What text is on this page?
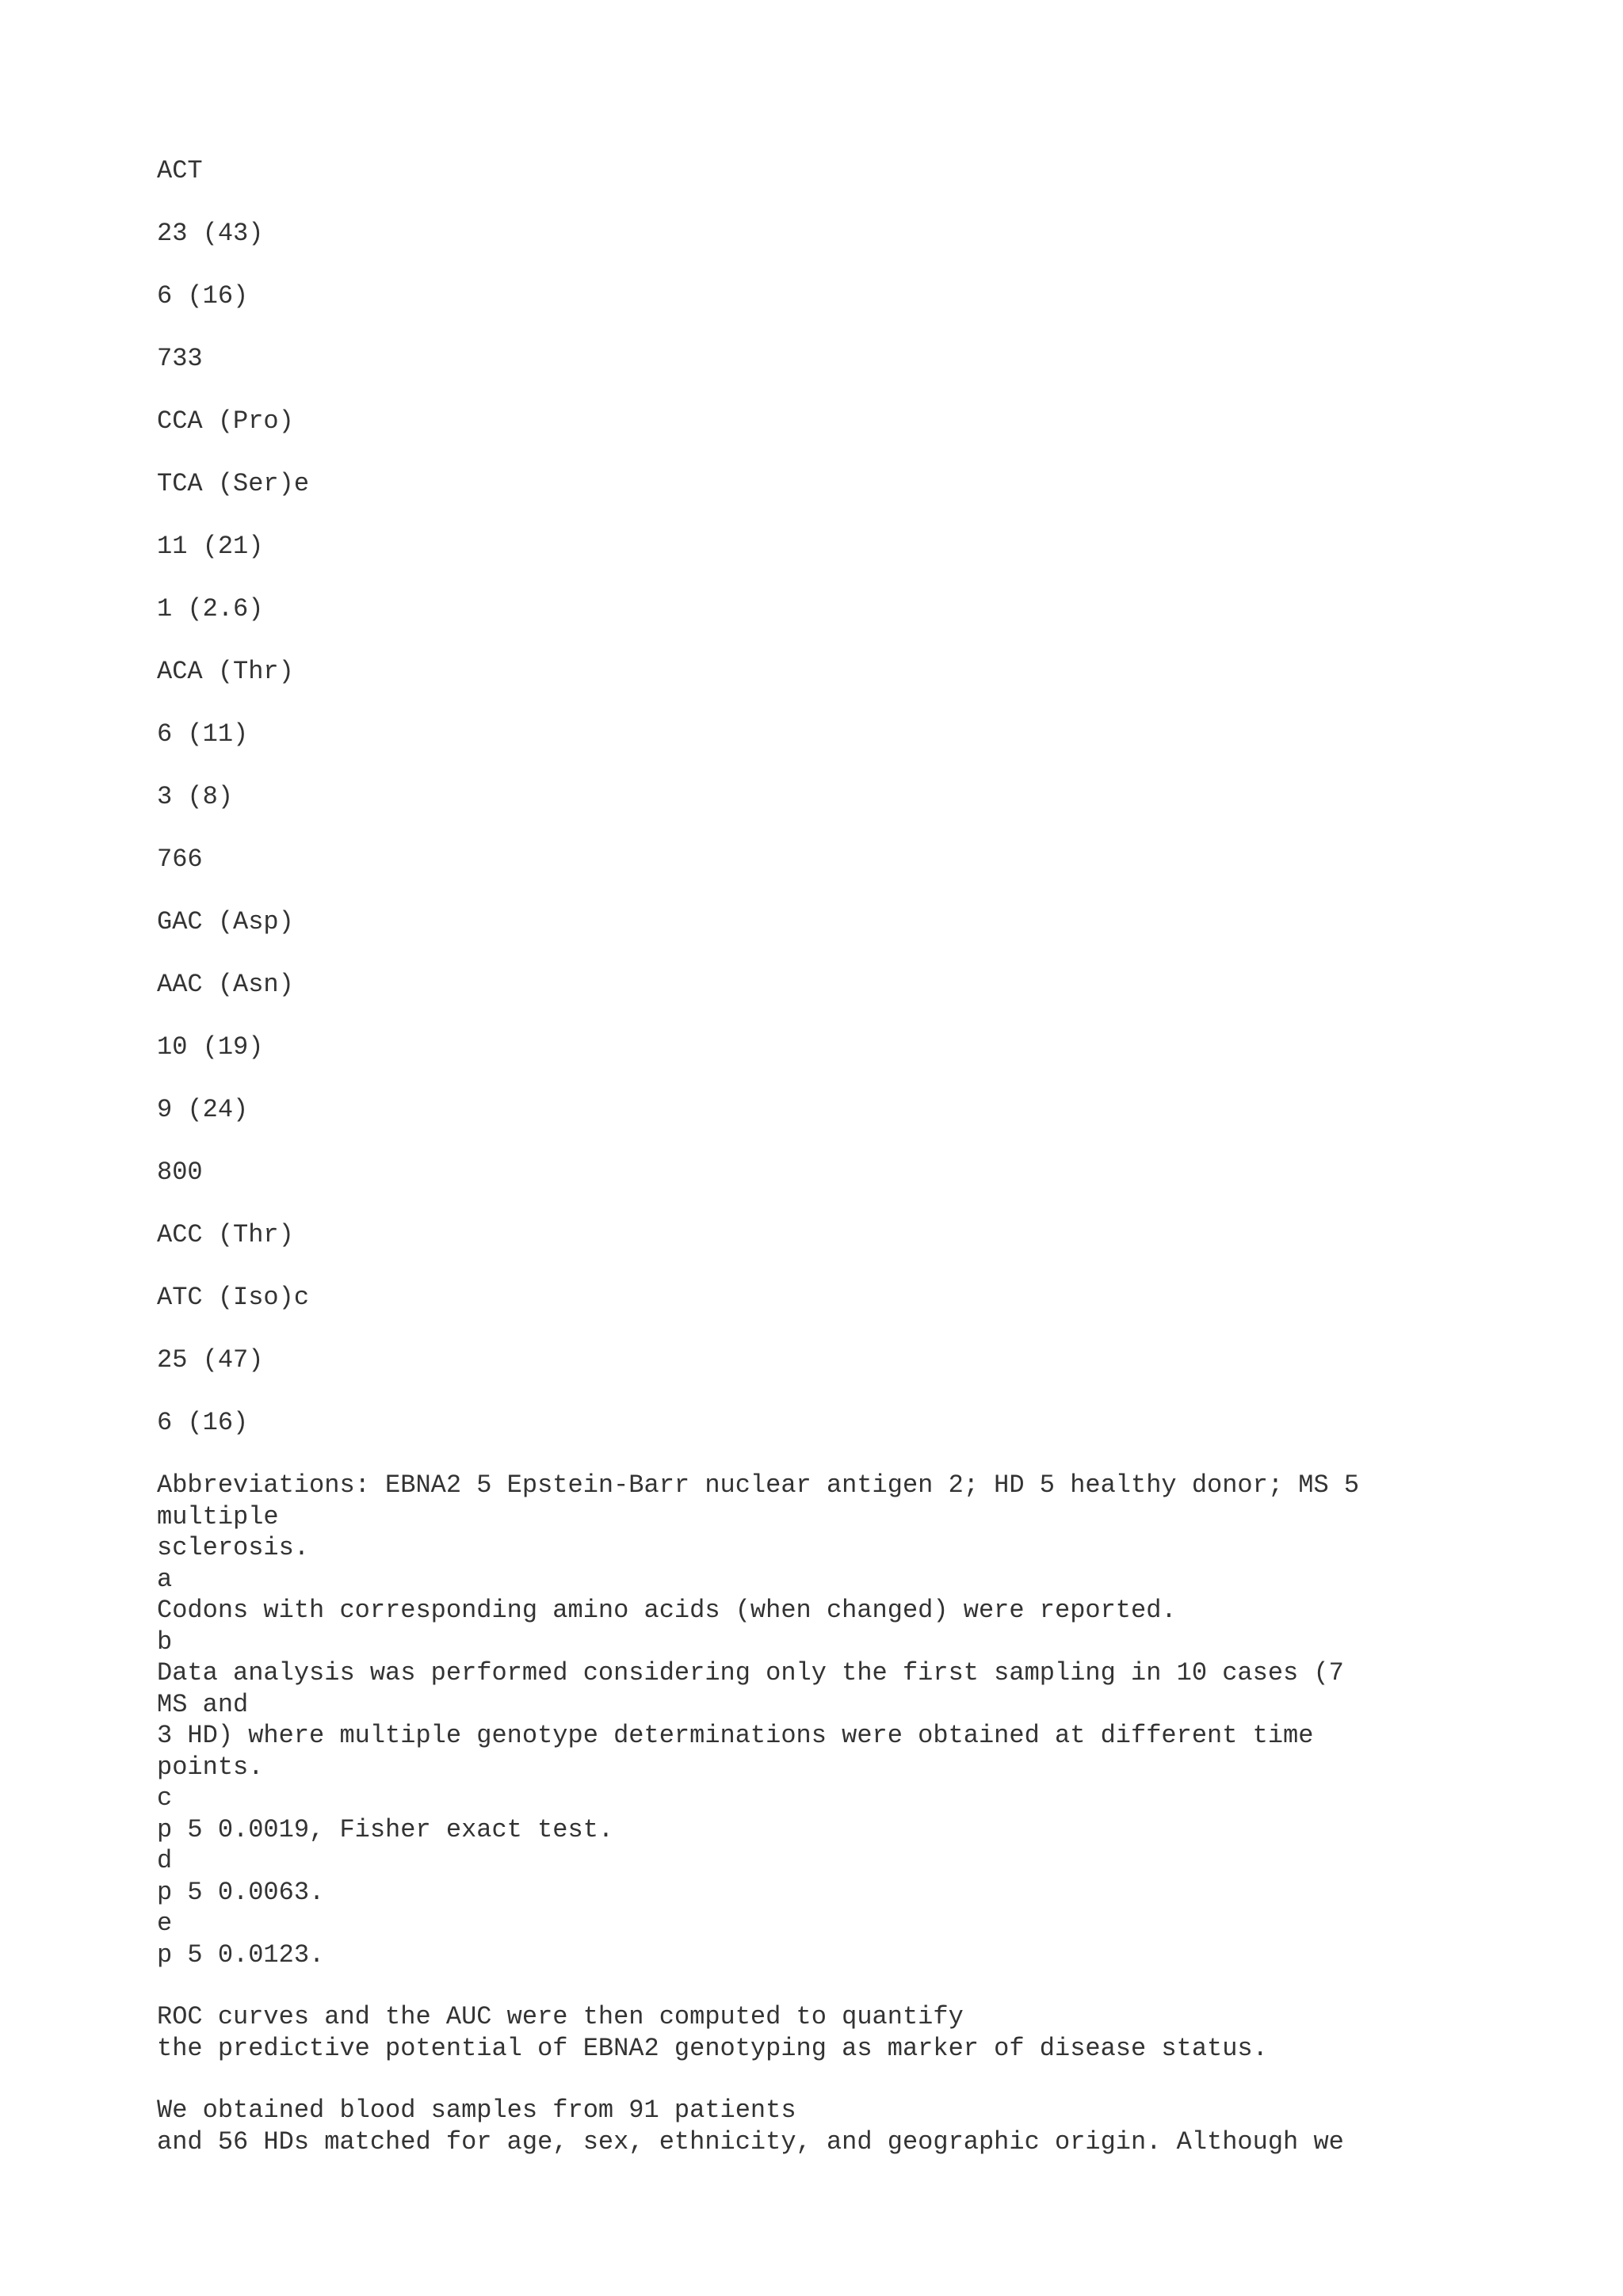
ACT
23 (43)
6 (16)
733
CCA (Pro)
TCA (Ser)e
11 (21)
1 (2.6)
ACA (Thr)
6 (11)
3 (8)
766
GAC (Asp)
AAC (Asn)
10 (19)
9 (24)
800
ACC (Thr)
ATC (Iso)c
25 (47)
6 (16)
Abbreviations: EBNA2 5 Epstein-Barr nuclear antigen 2; HD 5 healthy donor; MS 5
multiple
sclerosis.
a
Codons with corresponding amino acids (when changed) were reported.
b
Data analysis was performed considering only the first sampling in 10 cases (7
MS and
3 HD) where multiple genotype determinations were obtained at different time
points.
c
p 5 0.0019, Fisher exact test.
d
p 5 0.0063.
e
p 5 0.0123.
ROC curves and the AUC were then computed to quantify
the predictive potential of EBNA2 genotyping as marker of disease status.
We obtained blood samples from 91 patients
and 56 HDs matched for age, sex, ethnicity, and geographic origin. Although we
